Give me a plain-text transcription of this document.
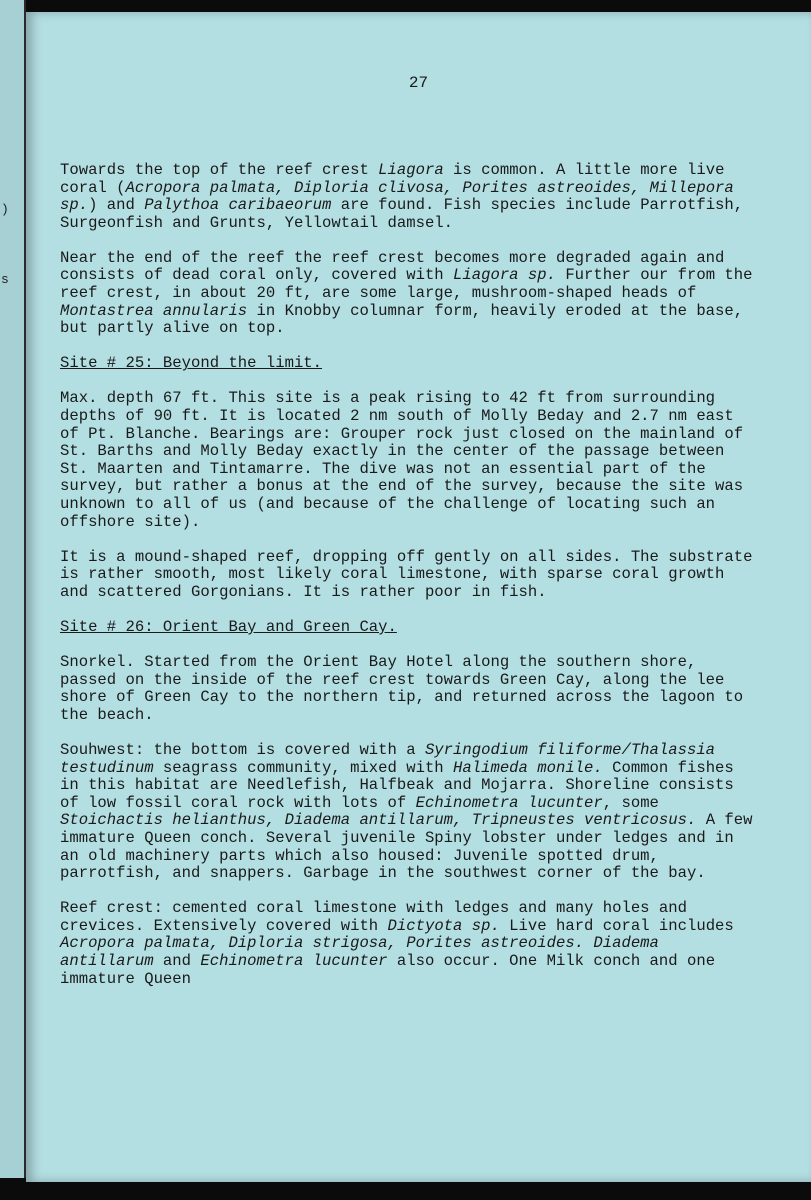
)
s
27

Towards the top of the reef crest Liagora is common. A little more live coral (Acropora palmata, Diploria clivosa, Porites astreoides, Millepora sp.) and Palythoa caribaeorum are found. Fish species include Parrotfish, Surgeonfish and Grunts, Yellowtail damsel.

Near the end of the reef the reef crest becomes more degraded again and consists of dead coral only, covered with Liagora sp. Further our from the reef crest, in about 20 ft, are some large, mushroom-shaped heads of Montastrea annularis in Knobby columnar form, heavily eroded at the base, but partly alive on top.

Site # 25: Beyond the limit.

Max. depth 67 ft. This site is a peak rising to 42 ft from surrounding depths of 90 ft. It is located 2 nm south of Molly Beday and 2.7 nm east of Pt. Blanche. Bearings are: Grouper rock just closed on the mainland of St. Barths and Molly Beday exactly in the center of the passage between St. Maarten and Tintamarre. The dive was not an essential part of the survey, but rather a bonus at the end of the survey, because the site was unknown to all of us (and because of the challenge of locating such an offshore site).

It is a mound-shaped reef, dropping off gently on all sides. The substrate is rather smooth, most likely coral limestone, with sparse coral growth and scattered Gorgonians. It is rather poor in fish.

Site # 26: Orient Bay and Green Cay.

Snorkel. Started from the Orient Bay Hotel along the southern shore, passed on the inside of the reef crest towards Green Cay, along the lee shore of Green Cay to the northern tip, and returned across the lagoon to the beach.

Souhwest: the bottom is covered with a Syringodium filiforme/Thalassia testudinum seagrass community, mixed with Halimeda monile. Common fishes in this habitat are Needlefish, Halfbeak and Mojarra. Shoreline consists of low fossil coral rock with lots of Echinometra lucunter, some Stoichactis helianthus, Diadema antillarum, Tripneustes ventricosus. A few immature Queen conch. Several juvenile Spiny lobster under ledges and in an old machinery parts which also housed: Juvenile spotted drum, parrotfish, and snappers. Garbage in the southwest corner of the bay.

Reef crest: cemented coral limestone with ledges and many holes and crevices. Extensively covered with Dictyota sp. Live hard coral includes Acropora palmata, Diploria strigosa, Porites astreoides. Diadema antillarum and Echinometra lucunter also occur. One Milk conch and one immature Queen
